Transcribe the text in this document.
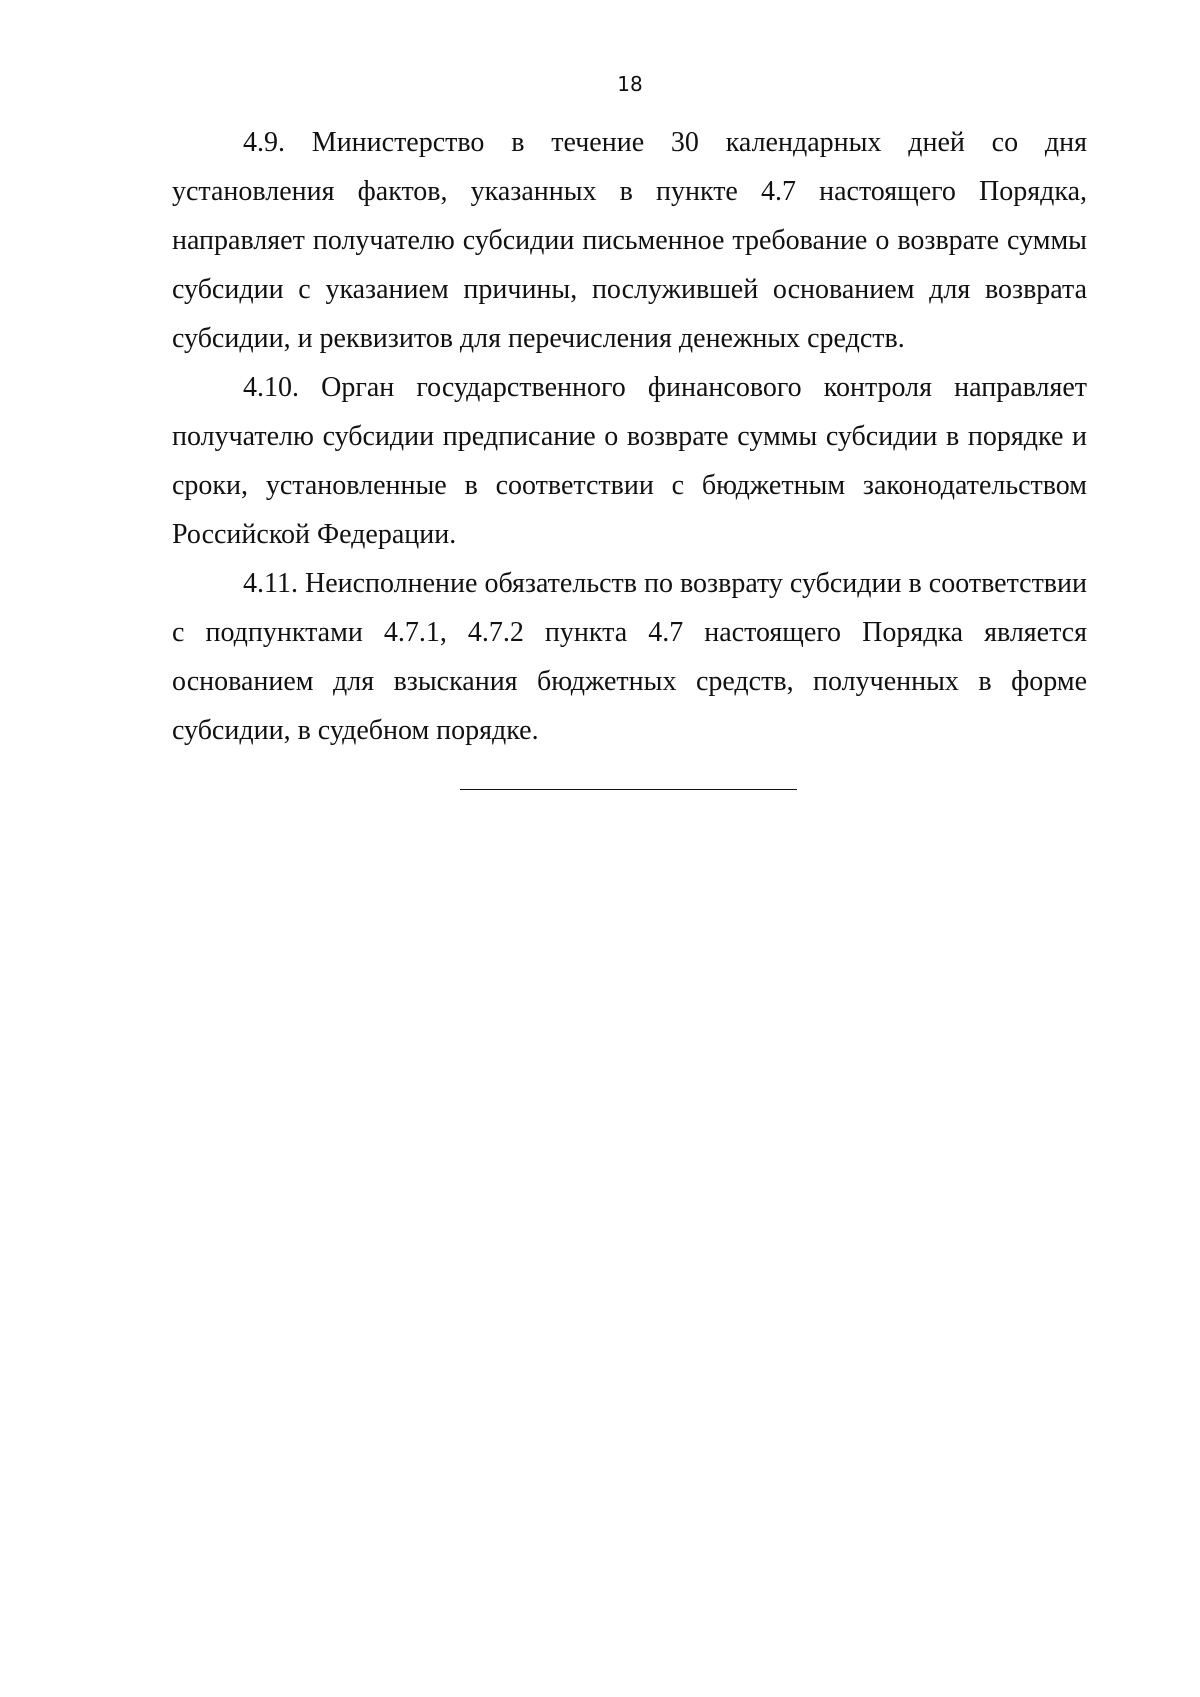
18

4.9. Министерство в течение 30 календарных дней со дня установления фактов, указанных в пункте 4.7 настоящего Порядка, направляет получателю субсидии письменное требование о возврате суммы субсидии с указанием причины, послужившей основанием для возврата субсидии, и реквизитов для перечисления денежных средств.

4.10. Орган государственного финансового контроля направляет получателю субсидии предписание о возврате суммы субсидии в порядке и сроки, установленные в соответствии с бюджетным законодательством Российской Федерации.

4.11. Неисполнение обязательств по возврату субсидии в соответствии с подпунктами 4.7.1, 4.7.2 пункта 4.7 настоящего Порядка является основанием для взыскания бюджетных средств, полученных в форме субсидии, в судебном порядке.
